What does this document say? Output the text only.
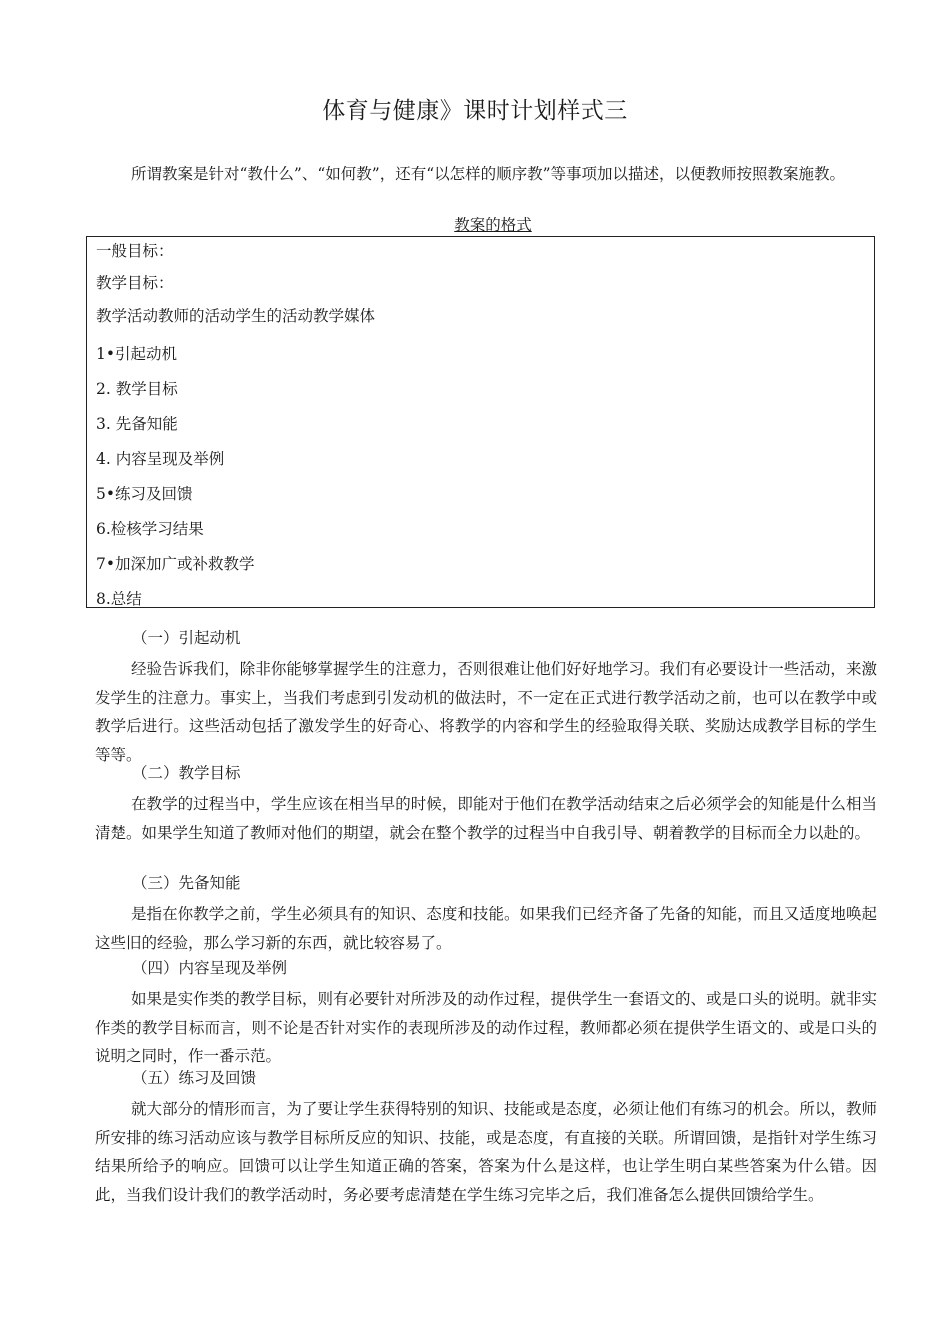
体育与健康》课时计划样式三

所谓教案是针对“教什么”、“如何教”，还有“以怎样的顺序教”等事项加以描述，以便教师按照教案施教。

教案的格式
一般目标：
教学目标：
教学活动教师的活动学生的活动教学媒体
1•引起动机
2. 教学目标
3. 先备知能
4. 内容呈现及举例
5•练习及回馈
6.检核学习结果
7•加深加广或补救教学
8.总结
（一）引起动机

经验告诉我们，除非你能够掌握学生的注意力，否则很难让他们好好地学习。我们有必要设计一些活动，来激发学生的注意力。事实上，当我们考虑到引发动机的做法时，不一定在正式进行教学活动之前，也可以在教学中或教学后进行。这些活动包括了激发学生的好奇心、将教学的内容和学生的经验取得关联、奖励达成教学目标的学生等等。

（二）教学目标

在教学的过程当中，学生应该在相当早的时候，即能对于他们在教学活动结束之后必须学会的知能是什么相当清楚。如果学生知道了教师对他们的期望，就会在整个教学的过程当中自我引导、朝着教学的目标而全力以赴的。

（三）先备知能

是指在你教学之前，学生必须具有的知识、态度和技能。如果我们已经齐备了先备的知能，而且又适度地唤起这些旧的经验，那么学习新的东西，就比较容易了。

（四）内容呈现及举例

如果是实作类的教学目标，则有必要针对所涉及的动作过程，提供学生一套语文的、或是口头的说明。就非实作类的教学目标而言，则不论是否针对实作的表现所涉及的动作过程，教师都必须在提供学生语文的、或是口头的说明之同时，作一番示范。

（五）练习及回馈

就大部分的情形而言，为了要让学生获得特别的知识、技能或是态度，必须让他们有练习的机会。所以，教师所安排的练习活动应该与教学目标所反应的知识、技能，或是态度，有直接的关联。所谓回馈，是指针对学生练习结果所给予的响应。回馈可以让学生知道正确的答案，答案为什么是这样，也让学生明白某些答案为什么错。因此，当我们设计我们的教学活动时，务必要考虑清楚在学生练习完毕之后，我们准备怎么提供回馈给学生。
